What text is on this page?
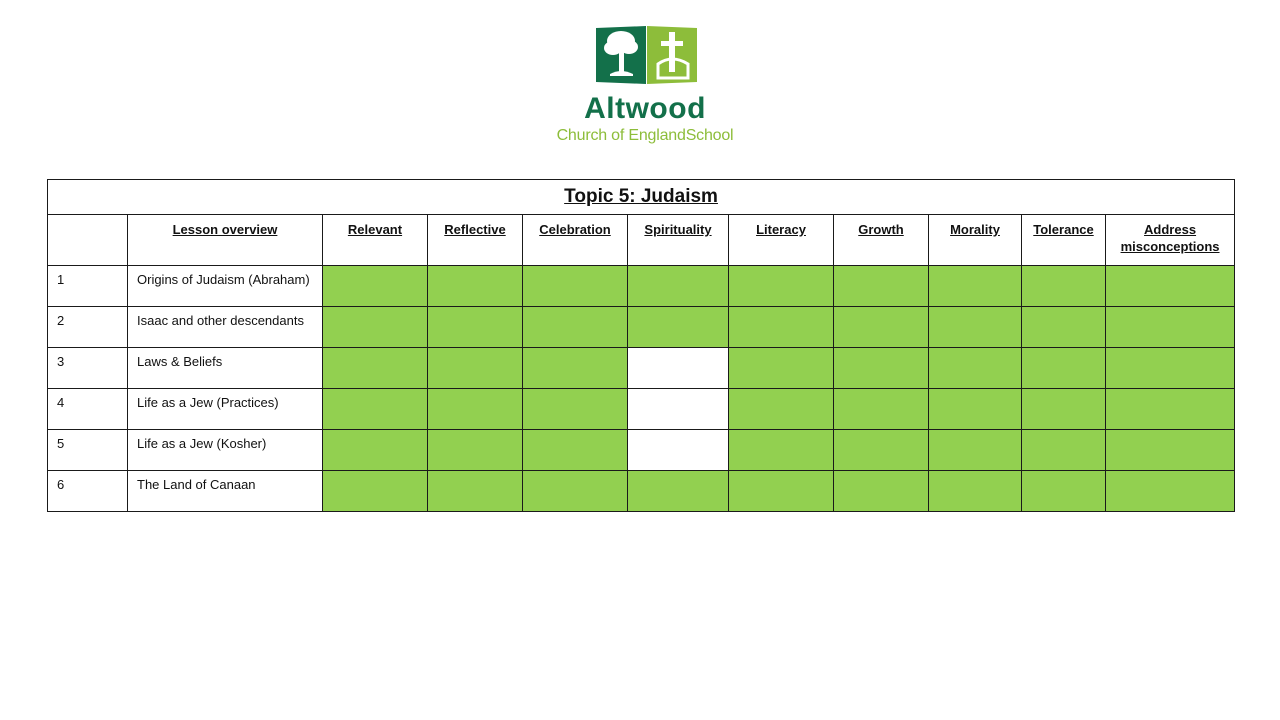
Altwood
Church of EnglandSchool
Topic 5: Judaism										
	Lesson overview	Relevant	Reflective	Celebration	Spirituality	Literacy	Growth	Morality	Tolerance	Address misconceptions
1	Origins of Judaism (Abraham)									
2	Isaac and other descendants									
3	Laws & Beliefs									
4	Life as a Jew (Practices)									
5	Life as a Jew (Kosher)									
6	The Land of Canaan									
